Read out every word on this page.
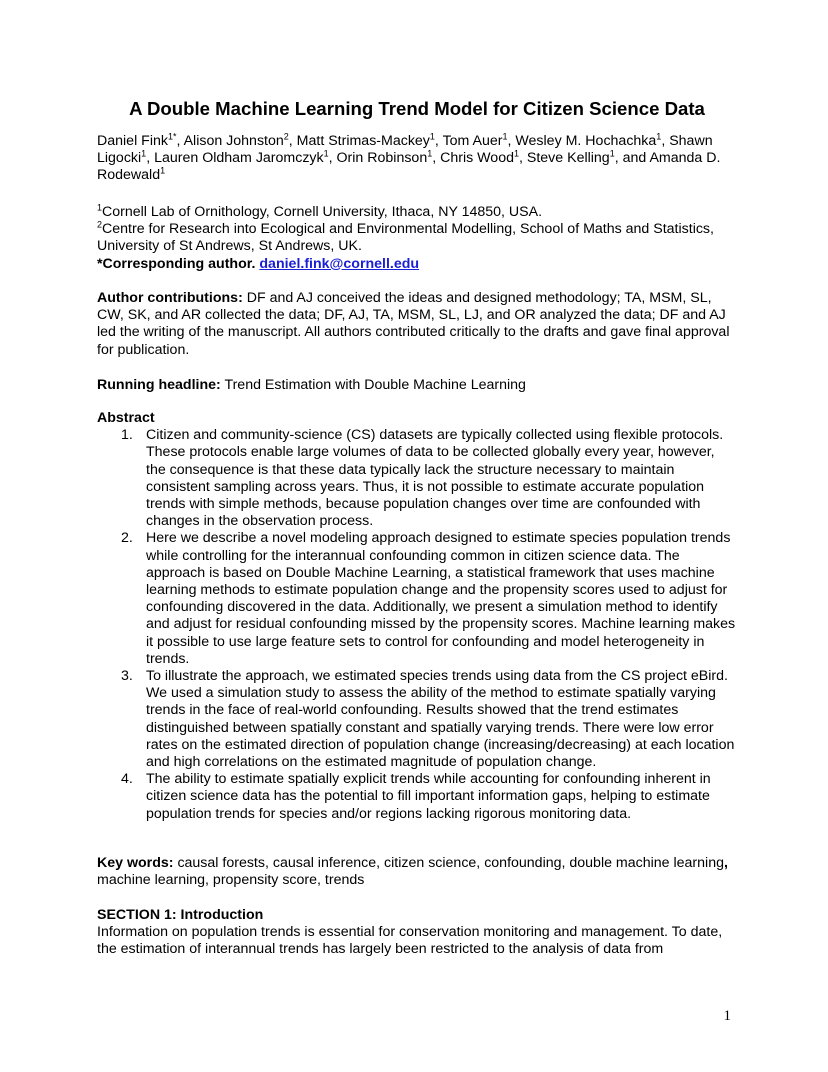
A Double Machine Learning Trend Model for Citizen Science Data

Daniel Fink$^{1*}$, Alison Johnston$^2$, Matt Strimas-Mackey$^1$, Tom Auer$^1$, Wesley M. Hochachka$^1$, Shawn Ligocki$^1$, Lauren Oldham Jaromczyk$^1$, Orin Robinson$^1$, Chris Wood$^1$, Steve Kelling$^1$, and Amanda D. Rodewald$^1$

$^1$Cornell Lab of Ornithology, Cornell University, Ithaca, NY 14850, USA.
$^2$Centre for Research into Ecological and Environmental Modelling, School of Maths and Statistics, University of St Andrews, St Andrews, UK.
*Corresponding author. daniel.fink@cornell.edu

Author contributions: DF and AJ conceived the ideas and designed methodology; TA, MSM, SL, CW, SK, and AR collected the data; DF, AJ, TA, MSM, SL, LJ, and OR analyzed the data; DF and AJ led the writing of the manuscript. All authors contributed critically to the drafts and gave final approval for publication.

Running headline: Trend Estimation with Double Machine Learning

Abstract
1. Citizen and community-science (CS) datasets are typically collected using flexible protocols. These protocols enable large volumes of data to be collected globally every year, however, the consequence is that these data typically lack the structure necessary to maintain consistent sampling across years. Thus, it is not possible to estimate accurate population trends with simple methods, because population changes over time are confounded with changes in the observation process.
2. Here we describe a novel modeling approach designed to estimate species population trends while controlling for the interannual confounding common in citizen science data. The approach is based on Double Machine Learning, a statistical framework that uses machine learning methods to estimate population change and the propensity scores used to adjust for confounding discovered in the data. Additionally, we present a simulation method to identify and adjust for residual confounding missed by the propensity scores. Machine learning makes it possible to use large feature sets to control for confounding and model heterogeneity in trends.
3. To illustrate the approach, we estimated species trends using data from the CS project eBird. We used a simulation study to assess the ability of the method to estimate spatially varying trends in the face of real-world confounding. Results showed that the trend estimates distinguished between spatially constant and spatially varying trends. There were low error rates on the estimated direction of population change (increasing/decreasing) at each location and high correlations on the estimated magnitude of population change.
4. The ability to estimate spatially explicit trends while accounting for confounding inherent in citizen science data has the potential to fill important information gaps, helping to estimate population trends for species and/or regions lacking rigorous monitoring data.

Key words: causal forests, causal inference, citizen science, confounding, double machine learning, machine learning, propensity score, trends

SECTION 1: Introduction
Information on population trends is essential for conservation monitoring and management. To date, the estimation of interannual trends has largely been restricted to the analysis of data from
1
